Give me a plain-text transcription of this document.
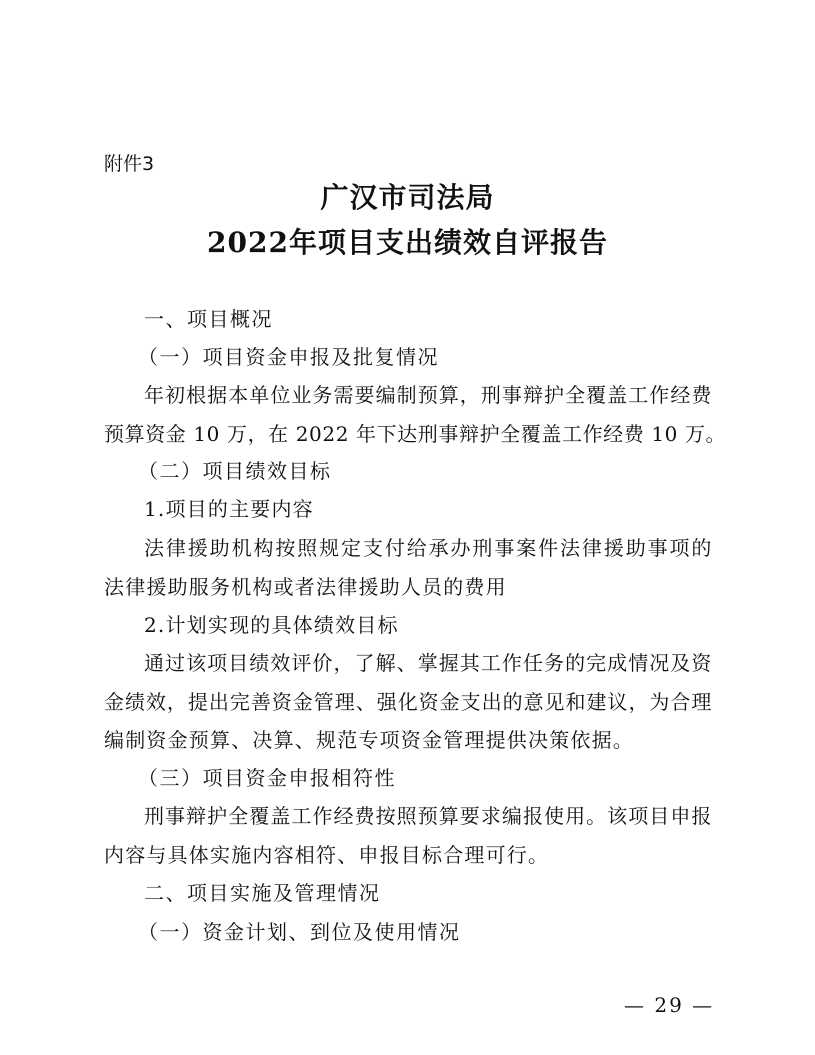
附件3
广汉市司法局
2022年项目支出绩效自评报告
一、项目概况
（一）项目资金申报及批复情况
年初根据本单位业务需要编制预算，刑事辩护全覆盖工作经费
预算资金 10 万，在 2022 年下达刑事辩护全覆盖工作经费 10 万。
（二）项目绩效目标
1.项目的主要内容
法律援助机构按照规定支付给承办刑事案件法律援助事项的
法律援助服务机构或者法律援助人员的费用
2.计划实现的具体绩效目标
通过该项目绩效评价，了解、掌握其工作任务的完成情况及资
金绩效，提出完善资金管理、强化资金支出的意见和建议，为合理
编制资金预算、决算、规范专项资金管理提供决策依据。
（三）项目资金申报相符性
刑事辩护全覆盖工作经费按照预算要求编报使用。该项目申报
内容与具体实施内容相符、申报目标合理可行。
二、项目实施及管理情况
（一）资金计划、到位及使用情况
— 29 —
